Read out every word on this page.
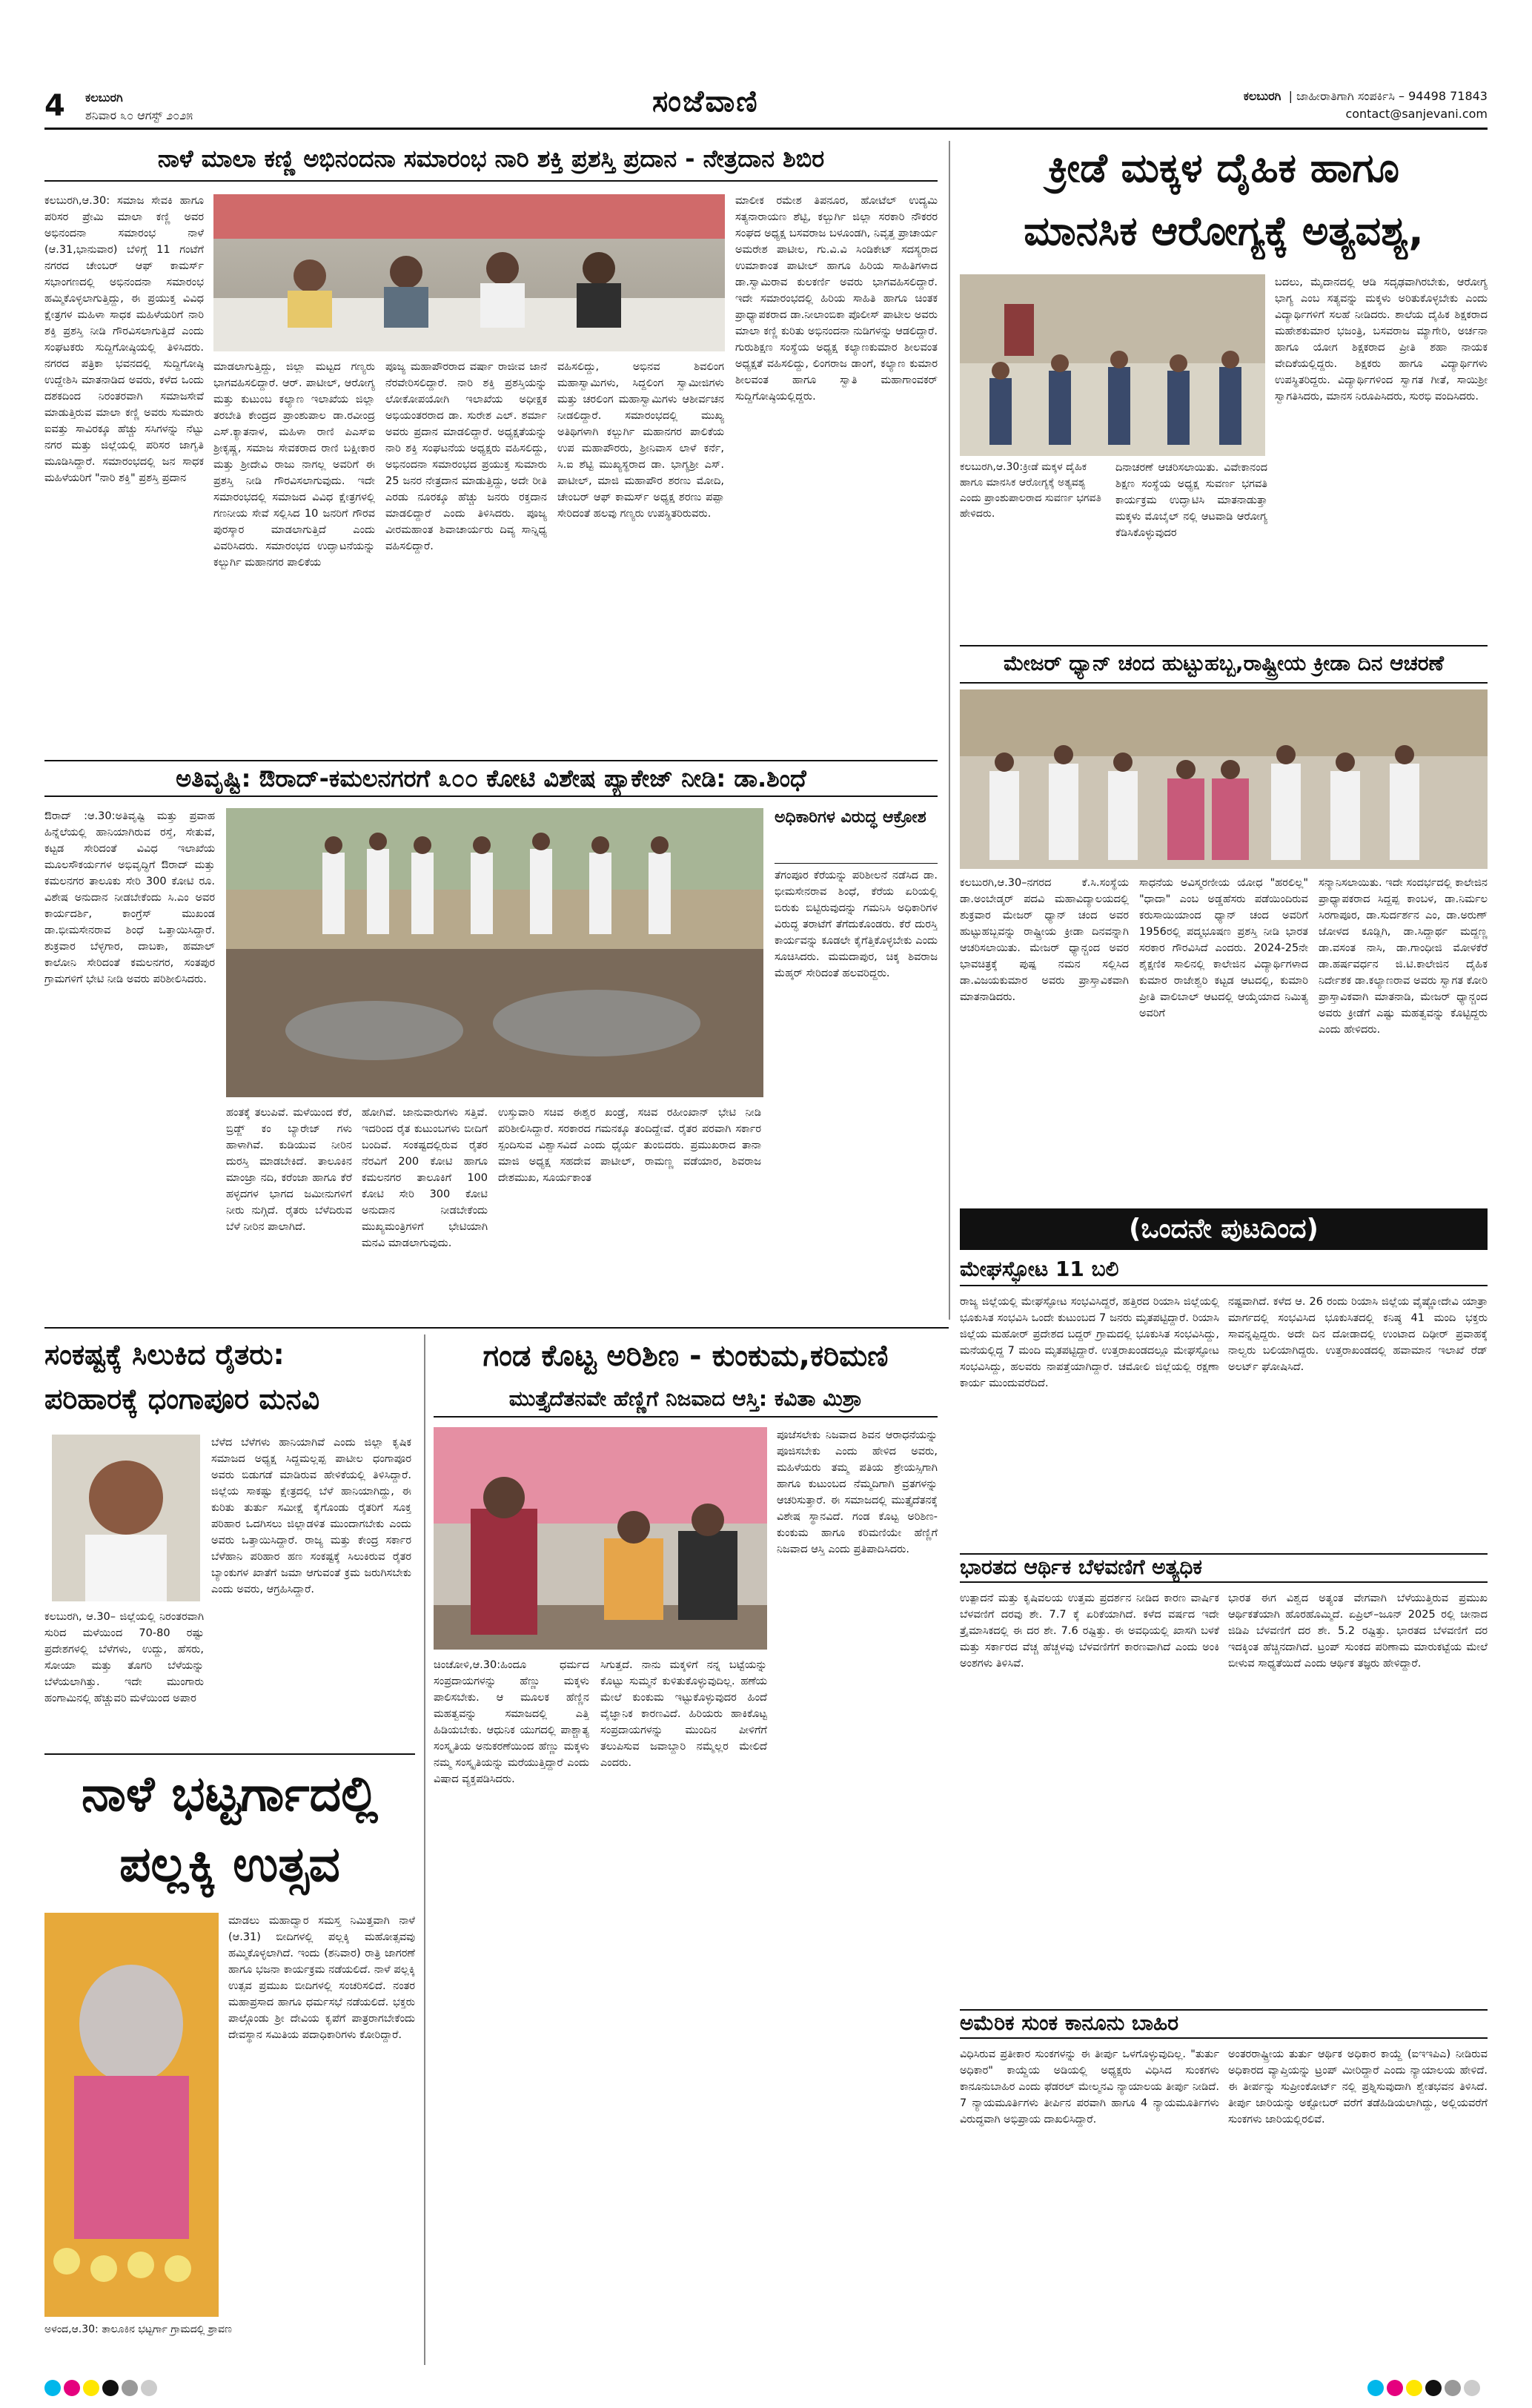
4 ಕಲಬುರಗಿ
ಶನಿವಾರ ೩೦ ಆಗಸ್ಟ್ ೨೦೨೫	ಸಂಜೆವಾಣಿ	ಕಲಬುರಗಿ | ಜಾಹೀರಾತಿಗಾಗಿ ಸಂಪರ್ಕಿಸಿ – 94498 71843
contact@sanjevani.com
ನಾಳೆ ಮಾಲಾ ಕಣ್ಣಿ ಅಭಿನಂದನಾ ಸಮಾರಂಭ ನಾರಿ ಶಕ್ತಿ ಪ್ರಶಸ್ತಿ ಪ್ರದಾನ - ನೇತ್ರದಾನ ಶಿಬಿರ
ಕಲಬುರಗಿ,ಆ.30: ಸಮಾಜ ಸೇವಕಿ ಹಾಗೂ ಪರಿಸರ ಪ್ರೇಮಿ ಮಾಲಾ ಕಣ್ಣಿ ಅವರ ಅಭಿನಂದನಾ ಸಮಾರಂಭ ನಾಳೆ (ಆ.31,ಭಾನುವಾರ) ಬೆಳಿಗ್ಗೆ 11 ಗಂಟೆಗೆ ನಗರದ ಚೇಂಬರ್ ಆಫ್ ಕಾಮರ್ಸ್ ಸಭಾಂಗಣದಲ್ಲಿ ಅಭಿನಂದನಾ ಸಮಾರಂಭ ಹಮ್ಮಿಕೊಳ್ಳಲಾಗುತ್ತಿದ್ದು, ಈ ಪ್ರಯುಕ್ತ ವಿವಿಧ ಕ್ಷೇತ್ರಗಳ ಮಹಿಳಾ ಸಾಧಕ ಮಹಿಳೆಯರಿಗೆ ನಾರಿ ಶಕ್ತಿ ಪ್ರಶಸ್ತಿ ನೀಡಿ ಗೌರವಿಸಲಾಗುತ್ತಿದೆ ಎಂದು ಸಂಘಟಕರು ಸುದ್ದಿಗೋಷ್ಠಿಯಲ್ಲಿ ತಿಳಿಸಿದರು. ನಗರದ ಪತ್ರಿಕಾ ಭವನದಲ್ಲಿ ಸುದ್ದಿಗೋಷ್ಠಿ ಉದ್ದೇಶಿಸಿ ಮಾತನಾಡಿದ ಅವರು, ಕಳೆದ ಒಂದು ದಶಕದಿಂದ ನಿರಂತರವಾಗಿ ಸಮಾಜಸೇವೆ ಮಾಡುತ್ತಿರುವ ಮಾಲಾ ಕಣ್ಣಿ ಅವರು ಸುಮಾರು ಐವತ್ತು ಸಾವಿರಕ್ಕೂ ಹೆಚ್ಚು ಸಸಿಗಳನ್ನು ನೆಟ್ಟು ನಗರ ಮತ್ತು ಜಿಲ್ಲೆಯಲ್ಲಿ ಪರಿಸರ ಜಾಗೃತಿ ಮೂಡಿಸಿದ್ದಾರೆ. ಸಮಾರಂಭದಲ್ಲಿ ಜನ ಸಾಧಕ ಮಹಿಳೆಯರಿಗೆ "ನಾರಿ ಶಕ್ತಿ" ಪ್ರಶಸ್ತಿ ಪ್ರದಾನ
ಮಾಡಲಾಗುತ್ತಿದ್ದು, ಜಿಲ್ಲಾ ಮಟ್ಟದ ಗಣ್ಯರು ಭಾಗವಹಿಸಲಿದ್ದಾರೆ. ಆರ್. ಪಾಟೀಲ್, ಆರೋಗ್ಯ ಮತ್ತು ಕುಟುಂಬ ಕಲ್ಯಾಣ ಇಲಾಖೆಯ ಜಿಲ್ಲಾ ತರಬೇತಿ ಕೇಂದ್ರದ ಪ್ರಾಂಶುಪಾಲ ಡಾ.ರವೀಂದ್ರ ಎಸ್.ಕ್ಯಾತನಾಳ, ಮಹಿಳಾ ರಾಣಿ ಪಿಎಸ್‌ಐ ಶ್ರೀಕೃಷ್ಣ, ಸಮಾಜ ಸೇವಕರಾದ ರಾಣಿ ಬಕ್ಷೀಕಾರ ಮತ್ತು ಶ್ರೀದೇವಿ ರಾಜು ನಾಗಲ್ಲ ಅವರಿಗೆ ಈ ಪ್ರಶಸ್ತಿ ನೀಡಿ ಗೌರವಿಸಲಾಗುವುದು. ಇದೇ ಸಮಾರಂಭದಲ್ಲಿ ಸಮಾಜದ ವಿವಿಧ ಕ್ಷೇತ್ರಗಳಲ್ಲಿ ಗಣನೀಯ ಸೇವೆ ಸಲ್ಲಿಸಿದ 10 ಜನರಿಗೆ ಗೌರವ ಪುರಸ್ಕಾರ ಮಾಡಲಾಗುತ್ತಿದೆ ಎಂದು ವಿವರಿಸಿದರು. ಸಮಾರಂಭದ ಉದ್ಘಾಟನೆಯನ್ನು ಕಲ್ಬುರ್ಗಿ ಮಹಾನಗರ ಪಾಲಿಕೆಯ
ಪೂಜ್ಯ ಮಹಾಪೌರರಾದ ವರ್ಷಾ ರಾಜೀವ ಜಾನೆ ನೆರವೇರಿಸಲಿದ್ದಾರೆ. ನಾರಿ ಶಕ್ತಿ ಪ್ರಶಸ್ತಿಯನ್ನು ಲೋಕೋಪಯೋಗಿ ಇಲಾಖೆಯ ಅಧೀಕ್ಷಕ ಅಭಿಯಂತರರಾದ ಡಾ. ಸುರೇಶ ಎಲ್. ಶರ್ಮಾ ಅವರು ಪ್ರದಾನ ಮಾಡಲಿದ್ದಾರೆ. ಅಧ್ಯಕ್ಷತೆಯನ್ನು ನಾರಿ ಶಕ್ತಿ ಸಂಘಟನೆಯ ಅಧ್ಯಕ್ಷರು ವಹಿಸಲಿದ್ದು, ಅಭಿನಂದನಾ ಸಮಾರಂಭದ ಪ್ರಯುಕ್ತ ಸುಮಾರು 25 ಜನರ ನೇತ್ರದಾನ ಮಾಡುತ್ತಿದ್ದು, ಅದೇ ರೀತಿ ಎರಡು ನೂರಕ್ಕೂ ಹೆಚ್ಚು ಜನರು ರಕ್ತದಾನ ಮಾಡಲಿದ್ದಾರೆ ಎಂದು ತಿಳಿಸಿದರು. ಪೂಜ್ಯ ವೀರಮಹಾಂತ ಶಿವಾಚಾರ್ಯರು ದಿವ್ಯ ಸಾನ್ನಿಧ್ಯ ವಹಿಸಲಿದ್ದಾರೆ.
ವಹಿಸಲಿದ್ದು, ಅಭಿನವ ಶಿವಲಿಂಗ ಮಹಾಸ್ವಾಮಿಗಳು, ಸಿದ್ದಲಿಂಗ ಸ್ವಾಮೀಜಿಗಳು ಮತ್ತು ಚರಲಿಂಗ ಮಹಾಸ್ವಾಮಿಗಳು ಆಶೀರ್ವಚನ ನೀಡಲಿದ್ದಾರೆ. ಸಮಾರಂಭದಲ್ಲಿ ಮುಖ್ಯ ಅತಿಥಿಗಳಾಗಿ ಕಲ್ಬುರ್ಗಿ ಮಹಾನಗರ ಪಾಲಿಕೆಯ ಉಪ ಮಹಾಪೌರರು, ಶ್ರೀನಿವಾಸ ಲಾಳೆ ಕರ್ನೆ, ಸಿ.ಐ ಶೆಟ್ಟಿ ಮುಖ್ಯಸ್ಥರಾದ ಡಾ. ಭಾಗ್ಯಶ್ರೀ ಎಸ್. ಪಾಟೀಲ್, ಮಾಜಿ ಮಹಾಪೌರ ಶರಣು ಮೋದಿ, ಚೇಂಬರ್ ಆಫ್ ಕಾಮರ್ಸ್ ಅಧ್ಯಕ್ಷ ಶರಣು ಪಪ್ಪಾ ಸೇರಿದಂತೆ ಹಲವು ಗಣ್ಯರು ಉಪಸ್ಥಿತರಿರುವರು.
ಮಾಲೀಕ ರಮೇಶ ತಿಪನೂರ, ಹೋಟೆಲ್ ಉದ್ಯಮಿ ಸತ್ಯನಾರಾಯಣ ಶೆಟ್ಟಿ, ಕಲ್ಬುರ್ಗಿ ಜಿಲ್ಲಾ ಸರಕಾರಿ ನೌಕರರ ಸಂಘದ ಅಧ್ಯಕ್ಷ ಬಸವರಾಜ ಬಳೂಂಡಗಿ, ನಿವೃತ್ತ ಪ್ರಾಚಾರ್ಯ ಅಮರೇಶ ಪಾಟೀಲ, ಗು.ವಿ.ವಿ ಸಿಂಡಿಕೇಟ್ ಸದಸ್ಯರಾದ ಉಮಾಕಾಂತ ಪಾಟೀಲ್ ಹಾಗೂ ಹಿರಿಯ ಸಾಹಿತಿಗಳಾದ ಡಾ.ಸ್ವಾಮಿರಾವ ಕುಲಕರ್ಣಿ ಅವರು ಭಾಗವಹಿಸಲಿದ್ದಾರೆ. ಇದೇ ಸಮಾರಂಭದಲ್ಲಿ ಹಿರಿಯ ಸಾಹಿತಿ ಹಾಗೂ ಚಿಂತಕ ಪ್ರಾಧ್ಯಾಪಕರಾದ ಡಾ.ನೀಲಾಂಬಿಕಾ ಪೊಲೀಸ್ ಪಾಟೀಲ ಅವರು ಮಾಲಾ ಕಣ್ಣಿ ಕುರಿತು ಅಭಿನಂದನಾ ನುಡಿಗಳನ್ನು ಆಡಲಿದ್ದಾರೆ. ಗುರುಶಿಕ್ಷಣ ಸಂಸ್ಥೆಯ ಅಧ್ಯಕ್ಷ ಕಲ್ಯಾಣಕುಮಾರ ಶೀಲವಂತ ಅಧ್ಯಕ್ಷತೆ ವಹಿಸಲಿದ್ದು, ಲಿಂಗರಾಜ ಡಾಂಗೆ, ಕಲ್ಯಾಣ ಕುಮಾರ ಶೀಲವಂತ ಹಾಗೂ ಸ್ವಾತಿ ಮಹಾಗಾಂವಕರ್ ಸುದ್ದಿಗೋಷ್ಠಿಯಲ್ಲಿದ್ದರು.
ಕ್ರೀಡೆ ಮಕ್ಕಳ ದೈಹಿಕ ಹಾಗೂ
ಮಾನಸಿಕ ಆರೋಗ್ಯಕ್ಕೆ ಅತ್ಯವಶ್ಯ,
ಬದಲು, ಮೈದಾನದಲ್ಲಿ ಆಡಿ ಸದೃಢವಾಗಿರಬೇಕು, ಆರೋಗ್ಯ ಭಾಗ್ಯ ಎಂಬ ಸತ್ಯವನ್ನು ಮಕ್ಕಳು ಅರಿತುಕೊಳ್ಳಬೇಕು ಎಂದು ವಿದ್ಯಾರ್ಥಿಗಳಿಗೆ ಸಲಹೆ ನೀಡಿದರು. ಶಾಲೆಯ ದೈಹಿಕ ಶಿಕ್ಷಕರಾದ ಮಹೇಶಕುಮಾರ ಭಜಂತ್ರಿ, ಬಸವರಾಜ ಮ್ಯಾಗೇರಿ, ಅರ್ಚನಾ ಹಾಗೂ ಯೋಗ ಶಿಕ್ಷಕರಾದ ಪ್ರೀತಿ ಶಹಾ ನಾಯಕ ವೇದಿಕೆಯಲ್ಲಿದ್ದರು. ಶಿಕ್ಷಕರು ಹಾಗೂ ವಿದ್ಯಾರ್ಥಿಗಳು ಉಪಸ್ಥಿತರಿದ್ದರು. ವಿದ್ಯಾರ್ಥಿಗಳಿಂದ ಸ್ವಾಗತ ಗೀತೆ, ಸಾಯಿಶ್ರೀ ಸ್ವಾಗತಿಸಿದರು, ಮಾನಸ ನಿರೂಪಿಸಿದರು, ಸುರಭಿ ವಂದಿಸಿದರು.
ಕಲಬುರಗಿ,ಆ.30:ಕ್ರೀಡೆ ಮಕ್ಕಳ ದೈಹಿಕ ಹಾಗೂ ಮಾನಸಿಕ ಆರೋಗ್ಯಕ್ಕೆ ಅತ್ಯವಶ್ಯ ಎಂದು ಪ್ರಾಂಶುಪಾಲರಾದ ಸುವರ್ಣ ಭಗವತಿ ಹೇಳಿದರು.
ದಿನಾಚರಣೆ ಆಚರಿಸಲಾಯಿತು. ವಿವೇಕಾನಂದ ಶಿಕ್ಷಣ ಸಂಸ್ಥೆಯ ಅಧ್ಯಕ್ಷ ಸುವರ್ಣ ಭಗವತಿ ಕಾರ್ಯಕ್ರಮ ಉದ್ಘಾಟಿಸಿ ಮಾತನಾಡುತ್ತಾ ಮಕ್ಕಳು ಮೊಬೈಲ್ ನಲ್ಲಿ ಆಟವಾಡಿ ಆರೋಗ್ಯ ಕೆಡಿಸಿಕೊಳ್ಳುವುದರ
ಮೇಜರ್ ಧ್ಯಾನ್ ಚಂದ ಹುಟ್ಟುಹಬ್ಬ,ರಾಷ್ಟ್ರೀಯ ಕ್ರೀಡಾ ದಿನ ಆಚರಣೆ
ಕಲಬುರಗಿ,ಆ.30–ನಗರದ ಕೆ.ಸಿ.ಸಂಸ್ಥೆಯ ಡಾ.ಅಂಬೇಡ್ಕರ್ ಪದವಿ ಮಹಾವಿದ್ಯಾಲಯದಲ್ಲಿ ಶುಕ್ರವಾರ ಮೇಜರ್ ಧ್ಯಾನ್ ಚಂದ ಅವರ ಹುಟ್ಟುಹಬ್ಬವನ್ನು ರಾಷ್ಟ್ರೀಯ ಕ್ರೀಡಾ ದಿನವನ್ನಾಗಿ ಆಚರಿಸಲಾಯಿತು. ಮೇಜರ್ ಧ್ಯಾನ್ಚಂದ ಅವರ ಭಾವಚಿತ್ರಕ್ಕೆ ಪುಷ್ಪ ನಮನ ಸಲ್ಲಿಸಿದ ಡಾ.ವಿಜಯಕುಮಾರ ಅವರು ಪ್ರಾಸ್ತಾವಿಕವಾಗಿ ಮಾತನಾಡಿದರು.
ಸಾಧನೆಯ ಅವಿಸ್ಮರಣೀಯ ಯೋಧ "ಹರಲಿಲ್ಲ" "ಧಾದಾ" ಎಂಬ ಅಡ್ಡಹೆಸರು ಪಡೆಯಿಂದಿರುವ ಕರುಸಾಯಿಯಾಂದ ಧ್ಯಾನ್ ಚಂದ ಅವರಿಗೆ 1956ರಲ್ಲಿ ಪದ್ಮಭೂಷಣ ಪ್ರಶಸ್ತಿ ನೀಡಿ ಭಾರತ ಸರಕಾರ ಗೌರವಿಸಿದೆ ಎಂದರು. 2024-25ನೇ ಶೈಕ್ಷಣಿಕ ಸಾಲಿನಲ್ಲಿ ಕಾಲೇಜಿನ ವಿದ್ಯಾರ್ಥಿಗಳಾದ ಕುಮಾರ ರಾಜೇಶ್ವರಿ ಕಟ್ಟಡ ಆಟದಲ್ಲಿ, ಕುಮಾರಿ ಪ್ರೀತಿ ವಾಲಿಬಾಲ್ ಆಟದಲ್ಲಿ ಆಯ್ಕೆಯಾದ ನಿಮಿತ್ಯ ಅವರಿಗೆ
ಸನ್ಮಾನಿಸಲಾಯಿತು. ಇದೇ ಸಂದರ್ಭದಲ್ಲಿ ಕಾಲೇಜಿನ ಪ್ರಾಧ್ಯಾಪಕರಾದ ಸಿದ್ದಪ್ಪ ಕಾಂಬಳ, ಡಾ.ನಿರ್ಮಲ ಸಿರಗಾಪೂರ, ಡಾ.ಸುರ್ದರ್ಶನ ಎಂ, ಡಾ.ಅರುಣ್ ಜೋಳದ ಕೂಡ್ಲಿಗಿ, ಡಾ.ಸಿದ್ದಾರ್ಥ ಮದ್ದಣ್ಣ ಡಾ.ವಸಂತ ನಾಸಿ, ಡಾ.ಗಾಂಧೀಜಿ ಮೋಳಕೆರೆ ಡಾ.ಹರ್ಷವರ್ಧನ ಜಿ.ಟಿ.ಕಾಲೇಜಿನ ದೈಹಿಕ ನಿರ್ದೇಶಕ ಡಾ.ಕಲ್ಯಾಣರಾವ ಅವರು ಸ್ವಾಗತ ಕೋರಿ ಪ್ರಾಸ್ತಾವಿಕವಾಗಿ ಮಾತನಾಡಿ, ಮೇಜರ್ ಧ್ಯಾನ್ಚಂದ ಅವರು ಕ್ರೀಡೆಗೆ ಎಷ್ಟು ಮಹತ್ವವನ್ನು ಕೊಟ್ಟಿದ್ದರು ಎಂದು ಹೇಳಿದರು.
ಅತಿವೃಷ್ಟಿ: ಔರಾದ್-ಕಮಲನಗರಗೆ ೩೦೦ ಕೋಟಿ ವಿಶೇಷ ಪ್ಯಾಕೇಜ್ ನೀಡಿ: ಡಾ.ಶಿಂಧೆ
ಔರಾದ್ :ಆ.30:ಅತಿವೃಷ್ಟಿ ಮತ್ತು ಪ್ರವಾಹ ಹಿನ್ನೆಲೆಯಲ್ಲಿ ಹಾನಿಯಾಗಿರುವ ರಸ್ತೆ, ಸೇತುವೆ, ಕಟ್ಟಡ ಸೇರಿದಂತೆ ವಿವಿಧ ಇಲಾಖೆಯ ಮೂಲಸೌಕರ್ಯಗಳ ಅಭಿವೃದ್ಧಿಗೆ ಔರಾದ್ ಮತ್ತು ಕಮಲನಗರ ತಾಲೂಕು ಸೇರಿ 300 ಕೋಟಿ ರೂ. ವಿಶೇಷ ಅನುದಾನ ನೀಡಬೇಕೆಂದು ಸಿ.ಎಂ ಅವರ ಕಾರ್ಯದರ್ಶಿ, ಕಾಂಗ್ರೆಸ್ ಮುಖಂಡ ಡಾ.ಭೀಮಸೇನರಾವ ಶಿಂಧೆ ಒತ್ತಾಯಿಸಿದ್ದಾರೆ. ಶುಕ್ರವಾರ ಬೆಳ್ಳಗಾರ, ದಾಬಕಾ, ಹಮಾಲ್ ಕಾಲೋನಿ ಸೇರಿದಂತೆ ಕಮಲನಗರ, ಸಂತಪುರ ಗ್ರಾಮಗಳಿಗೆ ಭೇಟಿ ನೀಡಿ ಅವರು ಪರಿಶೀಲಿಸಿದರು.
ಹಂತಕ್ಕೆ ತಲುಪಿವೆ. ಮಳೆಯಿಂದ ಕೆರೆ, ಬ್ರಿಡ್ಜ್ ಕಂ ಬ್ಯಾರೇಜ್ ಗಳು ಹಾಳಾಗಿವೆ. ಕುಡಿಯುವ ನೀರಿನ ದುರಸ್ತಿ ಮಾಡಬೇಕಿದೆ. ತಾಲೂಕಿನ ಮಾಂಜ್ರಾ ನದಿ, ಕರೆಂಜಾ ಹಾಗೂ ಕೆರೆ ಹಳ್ಳದಗಳ ಭಾಗದ ಜಮೀನುಗಳಿಗೆ ನೀರು ನುಗ್ಗಿದೆ. ರೈತರು ಬೆಳೆದಿರುವ ಬೆಳೆ ನೀರಿನ ಪಾಲಾಗಿದೆ.
ಹೋಗಿವೆ. ಜಾನುವಾರುಗಳು ಸತ್ತಿವೆ. ಇದರಿಂದ ರೈತ ಕುಟುಂಬಗಳು ಬೀದಿಗೆ ಬಂದಿವೆ. ಸಂಕಷ್ಟದಲ್ಲಿರುವ ರೈತರ ನೆರವಿಗೆ 200 ಕೋಟಿ ಹಾಗೂ ಕಮಲನಗರ ತಾಲೂಕಿಗೆ 100 ಕೋಟಿ ಸೇರಿ 300 ಕೋಟಿ ಅನುದಾನ ನೀಡಬೇಕೆಂದು ಮುಖ್ಯಮಂತ್ರಿಗಳಿಗೆ ಭೇಟಿಯಾಗಿ ಮನವಿ ಮಾಡಲಾಗುವುದು.
ಉಸ್ತುವಾರಿ ಸಚಿವ ಈಶ್ವರ ಖಂಡ್ರೆ, ಸಚಿವ ರಹೀಂಖಾನ್ ಭೇಟಿ ನೀಡಿ ಪರಿಶೀಲಿಸಿದ್ದಾರೆ. ಸರಕಾರದ ಗಮನಕ್ಕೂ ತಂದಿದ್ದೇವೆ. ರೈತರ ಪರವಾಗಿ ಸರ್ಕಾರ ಸ್ಪಂದಿಸುವ ವಿಶ್ವಾಸವಿದೆ ಎಂದು ಧೈರ್ಯ ತುಂಬಿದರು. ಪ್ರಮುಖರಾದ ತಾನಾ ಮಾಜಿ ಅಧ್ಯಕ್ಷ ಸಹದೇವ ಪಾಟೀಲ್, ರಾಮಣ್ಣ ವಡೆಯಾರ, ಶಿವರಾಜ ದೇಶಮುಖ, ಸೂರ್ಯಕಾಂತ
ಅಧಿಕಾರಿಗಳ ವಿರುದ್ಧ ಆಕ್ರೋಶ
ತೆಗಂಪೂರ ಕೆರೆಯನ್ನು ಪರಿಶೀಲನೆ ನಡೆಸಿದ ಡಾ. ಭೀಮಸೇನರಾವ ಶಿಂಧೆ, ಕೆರೆಯ ಏರಿಯಲ್ಲಿ ಬಿರುಕು ಬಿಟ್ಟಿರುವುದನ್ನು ಗಮನಿಸಿ ಅಧಿಕಾರಿಗಳ ವಿರುದ್ಧ ತರಾಟೆಗೆ ತೆಗೆದುಕೊಂಡರು. ಕೆರೆ ದುರಸ್ತಿ ಕಾರ್ಯವನ್ನು ಕೂಡಲೇ ಕೈಗೆತ್ತಿಕೊಳ್ಳಬೇಕು ಎಂದು ಸೂಚಿಸಿದರು. ಮಮದಾಪುರ, ಚಿಕ್ಕ ಶಿವರಾಜ ಮೆಹ್ಕರ್ ಸೇರಿದಂತೆ ಹಲವರಿದ್ದರು.
(ಒಂದನೇ ಪುಟದಿಂದ)
ಮೇಘಸ್ಫೋಟ 11 ಬಲಿ
ರಾಜ್ಯ ಜಿಲ್ಲೆಯಲ್ಲಿ ಮೇಘಸ್ಫೋಟ ಸಂಭವಿಸಿದ್ದರೆ, ಹತ್ತಿರದ ರಿಯಾಸಿ ಜಿಲ್ಲೆಯಲ್ಲಿ ಭೂಕುಸಿತ ಸಂಭವಿಸಿ ಒಂದೇ ಕುಟುಂಬದ 7 ಜನರು ಮೃತಪಟ್ಟಿದ್ದಾರೆ. ರಿಯಾಸಿ ಜಿಲ್ಲೆಯ ಮಹೋರ್ ಪ್ರದೇಶದ ಬದ್ದರ್ ಗ್ರಾಮದಲ್ಲಿ ಭೂಕುಸಿತ ಸಂಭವಿಸಿದ್ದು, ಮನೆಯಲ್ಲಿದ್ದ 7 ಮಂದಿ ಮೃತಪಟ್ಟಿದ್ದಾರೆ. ಉತ್ತರಾಖಂಡದಲ್ಲೂ ಮೇಘಸ್ಫೋಟ ಸಂಭವಿಸಿದ್ದು, ಹಲವರು ನಾಪತ್ತೆಯಾಗಿದ್ದಾರೆ. ಚಮೋಲಿ ಜಿಲ್ಲೆಯಲ್ಲಿ ರಕ್ಷಣಾ ಕಾರ್ಯ ಮುಂದುವರೆದಿದೆ.
ನಷ್ಟವಾಗಿದೆ. ಕಳೆದ ಆ. 26 ರಂದು ರಿಯಾಸಿ ಜಿಲ್ಲೆಯ ವೈಷ್ಣೋದೇವಿ ಯಾತ್ರಾ ಮಾರ್ಗದಲ್ಲಿ ಸಂಭವಿಸಿದ ಭೂಕುಸಿತದಲ್ಲಿ ಕನಿಷ್ಠ 41 ಮಂದಿ ಭಕ್ತರು ಸಾವನ್ನಪ್ಪಿದ್ದರು. ಅದೇ ದಿನ ದೋಡಾದಲ್ಲಿ ಉಂಟಾದ ದಿಢೀರ್ ಪ್ರವಾಹಕ್ಕೆ ನಾಲ್ವರು ಬಲಿಯಾಗಿದ್ದರು. ಉತ್ತರಾಖಂಡದಲ್ಲಿ ಹವಾಮಾನ ಇಲಾಖೆ ರೆಡ್ ಅಲರ್ಟ್ ಘೋಷಿಸಿದೆ.
ಭಾರತದ ಆರ್ಥಿಕ ಬೆಳವಣಿಗೆ ಅತ್ಯಧಿಕ
ಉತ್ಪಾದನೆ ಮತ್ತು ಕೃಷಿವಲಯ ಉತ್ತಮ ಪ್ರದರ್ಶನ ನೀಡಿದ ಕಾರಣ ವಾರ್ಷಿಕ ಬೆಳವಣಿಗೆ ದರವು ಶೇ. 7.7 ಕ್ಕೆ ಏರಿಕೆಯಾಗಿದೆ. ಕಳೆದ ವರ್ಷದ ಇದೇ ತ್ರೈಮಾಸಿಕದಲ್ಲಿ ಈ ದರ ಶೇ. 7.6 ರಷ್ಟಿತ್ತು. ಈ ಅವಧಿಯಲ್ಲಿ ಖಾಸಗಿ ಬಳಕೆ ಮತ್ತು ಸರ್ಕಾರದ ವೆಚ್ಚ ಹೆಚ್ಚಳವು ಬೆಳವಣಿಗೆಗೆ ಕಾರಣವಾಗಿದೆ ಎಂದು ಅಂಕಿ ಅಂಶಗಳು ತಿಳಿಸಿವೆ.
ಭಾರತ ಈಗ ವಿಶ್ವದ ಅತ್ಯಂತ ವೇಗವಾಗಿ ಬೆಳೆಯುತ್ತಿರುವ ಪ್ರಮುಖ ಆರ್ಥಿಕತೆಯಾಗಿ ಹೊರಹೊಮ್ಮಿದೆ. ಏಪ್ರಿಲ್–ಜೂನ್ 2025 ರಲ್ಲಿ ಚೀನಾದ ಜಿಡಿಪಿ ಬೆಳವಣಿಗೆ ದರ ಶೇ. 5.2 ರಷ್ಟಿತ್ತು. ಭಾರತದ ಬೆಳವಣಿಗೆ ದರ ಇದಕ್ಕಿಂತ ಹೆಚ್ಚಿನದಾಗಿದೆ. ಟ್ರಂಪ್ ಸುಂಕದ ಪರಿಣಾಮ ಮಾರುಕಟ್ಟೆಯ ಮೇಲೆ ಬೀಳುವ ಸಾಧ್ಯತೆಯಿದೆ ಎಂದು ಆರ್ಥಿಕ ತಜ್ಞರು ಹೇಳಿದ್ದಾರೆ.
ಅಮೆರಿಕ ಸುಂಕ ಕಾನೂನು ಬಾಹಿರ
ವಿಧಿಸಿರುವ ಪ್ರತೀಕಾರ ಸುಂಕಗಳನ್ನು ಈ ತೀರ್ಪು ಒಳಗೊಳ್ಳುವುದಿಲ್ಲ. "ತುರ್ತು ಅಧಿಕಾರ" ಕಾಯ್ದೆಯ ಅಡಿಯಲ್ಲಿ ಅಧ್ಯಕ್ಷರು ವಿಧಿಸಿದ ಸುಂಕಗಳು ಕಾನೂನುಬಾಹಿರ ಎಂದು ಫೆಡರಲ್ ಮೇಲ್ಮನವಿ ನ್ಯಾಯಾಲಯ ತೀರ್ಪು ನೀಡಿದೆ. 7 ನ್ಯಾಯಮೂರ್ತಿಗಳು ತೀರ್ಪಿನ ಪರವಾಗಿ ಹಾಗೂ 4 ನ್ಯಾಯಮೂರ್ತಿಗಳು ವಿರುದ್ಧವಾಗಿ ಅಭಿಪ್ರಾಯ ದಾಖಲಿಸಿದ್ದಾರೆ.
ಅಂತರರಾಷ್ಟ್ರೀಯ ತುರ್ತು ಆರ್ಥಿಕ ಅಧಿಕಾರ ಕಾಯ್ದೆ (ಐಇಇಪಿಎ) ನೀಡಿರುವ ಅಧಿಕಾರದ ವ್ಯಾಪ್ತಿಯನ್ನು ಟ್ರಂಪ್ ಮೀರಿದ್ದಾರೆ ಎಂದು ನ್ಯಾಯಾಲಯ ಹೇಳಿದೆ. ಈ ತೀರ್ಪನ್ನು ಸುಪ್ರೀಂಕೋರ್ಟ್ ನಲ್ಲಿ ಪ್ರಶ್ನಿಸುವುದಾಗಿ ಶ್ವೇತಭವನ ತಿಳಿಸಿದೆ. ತೀರ್ಪು ಜಾರಿಯನ್ನು ಅಕ್ಟೋಬರ್ ವರೆಗೆ ತಡೆಹಿಡಿಯಲಾಗಿದ್ದು, ಅಲ್ಲಿಯವರೆಗೆ ಸುಂಕಗಳು ಜಾರಿಯಲ್ಲಿರಲಿವೆ.
ಸಂಕಷ್ಟಕ್ಕೆ ಸಿಲುಕಿದ ರೈತರು:
ಪರಿಹಾರಕ್ಕೆ ಧಂಗಾಪೂರ ಮನವಿ
ಬೆಳೆದ ಬೆಳೆಗಳು ಹಾನಿಯಾಗಿವೆ ಎಂದು ಜಿಲ್ಲಾ ಕೃಷಿಕ ಸಮಾಜದ ಅಧ್ಯಕ್ಷ ಸಿದ್ದಮಲ್ಲಪ್ಪ ಪಾಟೀಲ ಧಂಗಾಪೂರ ಅವರು ಬಿಡುಗಡೆ ಮಾಡಿರುವ ಹೇಳಿಕೆಯಲ್ಲಿ ತಿಳಿಸಿದ್ದಾರೆ. ಜಿಲ್ಲೆಯ ಸಾಕಷ್ಟು ಕ್ಷೇತ್ರದಲ್ಲಿ ಬೆಳೆ ಹಾನಿಯಾಗಿದ್ದು, ಈ ಕುರಿತು ತುರ್ತು ಸಮೀಕ್ಷೆ ಕೈಗೊಂಡು ರೈತರಿಗೆ ಸೂಕ್ತ ಪರಿಹಾರ ಒದಗಿಸಲು ಜಿಲ್ಲಾಡಳಿತ ಮುಂದಾಗಬೇಕು ಎಂದು ಅವರು ಒತ್ತಾಯಿಸಿದ್ದಾರೆ. ರಾಜ್ಯ ಮತ್ತು ಕೇಂದ್ರ ಸರ್ಕಾರ ಬೆಳೆಹಾನಿ ಪರಿಹಾರ ಹಣ ಸಂಕಷ್ಟಕ್ಕೆ ಸಿಲುಕಿರುವ ರೈತರ ಬ್ಯಾಂಕುಗಳ ಖಾತೆಗೆ ಜಮಾ ಆಗುವಂತೆ ಕ್ರಮ ಜರುಗಿಸಬೇಕು ಎಂದು ಅವರು, ಆಗ್ರಹಿಸಿದ್ದಾರೆ.
ಕಲಬುರಗಿ, ಆ.30– ಜಿಲ್ಲೆಯಲ್ಲಿ ನಿರಂತರವಾಗಿ ಸುರಿದ ಮಳೆಯಿಂದ 70-80 ರಷ್ಟು ಪ್ರದೇಶಗಳಲ್ಲಿ ಬೆಳೆಗಳು, ಉದ್ದು, ಹೆಸರು, ಸೋಯಾ ಮತ್ತು ತೊಗರಿ ಬೆಳೆಯನ್ನು ಬೆಳೆಯಲಾಗಿತ್ತು. ಇದೇ ಮುಂಗಾರು ಹಂಗಾಮಿನಲ್ಲಿ ಹೆಚ್ಚುವರಿ ಮಳೆಯಿಂದ ಅಪಾರ
ನಾಳೆ ಭಟ್ಟರ್ಗಾದಲ್ಲಿ
ಪಲ್ಲಕ್ಕಿ ಉತ್ಸವ
ಮಾಡಲು ಮಹಾದ್ವಾರ ಸಮಸ್ತ ನಿಮಿತ್ತವಾಗಿ ನಾಳೆ (ಆ.31) ಬೀದಿಗಳಲ್ಲಿ ಪಲ್ಲಕ್ಕಿ ಮಹೋತ್ಸವವು ಹಮ್ಮಿಕೊಳ್ಳಲಾಗಿದೆ. ಇಂದು (ಶನಿವಾರ) ರಾತ್ರಿ ಜಾಗರಣೆ ಹಾಗೂ ಭಜನಾ ಕಾರ್ಯಕ್ರಮ ನಡೆಯಲಿದೆ. ನಾಳೆ ಪಲ್ಲಕ್ಕಿ ಉತ್ಸವ ಪ್ರಮುಖ ಬೀದಿಗಳಲ್ಲಿ ಸಂಚರಿಸಲಿದೆ. ನಂತರ ಮಹಾಪ್ರಸಾದ ಹಾಗೂ ಧರ್ಮಸಭೆ ನಡೆಯಲಿದೆ. ಭಕ್ತರು ಪಾಲ್ಗೊಂಡು ಶ್ರೀ ದೇವಿಯ ಕೃಪೆಗೆ ಪಾತ್ರರಾಗಬೇಕೆಂದು ದೇವಸ್ಥಾನ ಸಮಿತಿಯ ಪದಾಧಿಕಾರಿಗಳು ಕೋರಿದ್ದಾರೆ.
ಅಳಂದ,ಆ.30: ತಾಲೂಕಿನ ಭಟ್ಟರ್ಗಾ ಗ್ರಾಮದಲ್ಲಿ ಶ್ರಾವಣ
ಗಂಡ ಕೊಟ್ಟ ಅರಿಶಿಣ - ಕುಂಕುಮ,ಕರಿಮಣಿ
ಮುತ್ತೈದೆತನವೇ ಹೆಣ್ಣಿಗೆ ನಿಜವಾದ ಆಸ್ತಿ: ಕವಿತಾ ಮಿಶ್ರಾ
ಪೂಜೆಸಲೇಕು ನಿಜವಾದ ಶಿವನ ಆರಾಧನೆಯನ್ನು ಪೂಜಿಸಬೇಕು ಎಂದು ಹೇಳಿದ ಅವರು, ಮಹಿಳೆಯರು ತಮ್ಮ ಪತಿಯ ಶ್ರೇಯಸ್ಸಿಗಾಗಿ ಹಾಗೂ ಕುಟುಂಬದ ನೆಮ್ಮದಿಗಾಗಿ ವ್ರತಗಳನ್ನು ಆಚರಿಸುತ್ತಾರೆ. ಈ ಸಮಾಜದಲ್ಲಿ ಮುತ್ತೈದೆತನಕ್ಕೆ ವಿಶೇಷ ಸ್ಥಾನವಿದೆ. ಗಂಡ ಕೊಟ್ಟ ಅರಿಶಿಣ-ಕುಂಕುಮ ಹಾಗೂ ಕರಿಮಣಿಯೇ ಹೆಣ್ಣಿಗೆ ನಿಜವಾದ ಆಸ್ತಿ ಎಂದು ಪ್ರತಿಪಾದಿಸಿದರು.
ಚಿಂಚೋಳಿ,ಆ.30:ಹಿಂದೂ ಧರ್ಮದ ಸಂಪ್ರದಾಯಗಳನ್ನು ಹೆಣ್ಣು ಮಕ್ಕಳು ಪಾಲಿಸಬೇಕು. ಆ ಮೂಲಕ ಹೆಣ್ಣಿನ ಮಹತ್ವವನ್ನು ಸಮಾಜದಲ್ಲಿ ಎತ್ತಿ ಹಿಡಿಯಬೇಕು. ಆಧುನಿಕ ಯುಗದಲ್ಲಿ ಪಾಶ್ಚಾತ್ಯ ಸಂಸ್ಕೃತಿಯ ಅನುಕರಣೆಯಿಂದ ಹೆಣ್ಣು ಮಕ್ಕಳು ನಮ್ಮ ಸಂಸ್ಕೃತಿಯನ್ನು ಮರೆಯುತ್ತಿದ್ದಾರೆ ಎಂದು ವಿಷಾದ ವ್ಯಕ್ತಪಡಿಸಿದರು.
ಸಿಗುತ್ತದೆ. ನಾನು ಮಕ್ಕಳಿಗೆ ನನ್ನ ಬಟ್ಟೆಯನ್ನು ಕೊಟ್ಟು ಸುಮ್ಮನೆ ಕುಳಿತುಕೊಳ್ಳುವುದಿಲ್ಲ. ಹಣೆಯ ಮೇಲೆ ಕುಂಕುಮ ಇಟ್ಟುಕೊಳ್ಳುವುದರ ಹಿಂದೆ ವೈಜ್ಞಾನಿಕ ಕಾರಣವಿದೆ. ಹಿರಿಯರು ಹಾಕಿಕೊಟ್ಟ ಸಂಪ್ರದಾಯಗಳನ್ನು ಮುಂದಿನ ಪೀಳಿಗೆಗೆ ತಲುಪಿಸುವ ಜವಾಬ್ದಾರಿ ನಮ್ಮೆಲ್ಲರ ಮೇಲಿದೆ ಎಂದರು.
